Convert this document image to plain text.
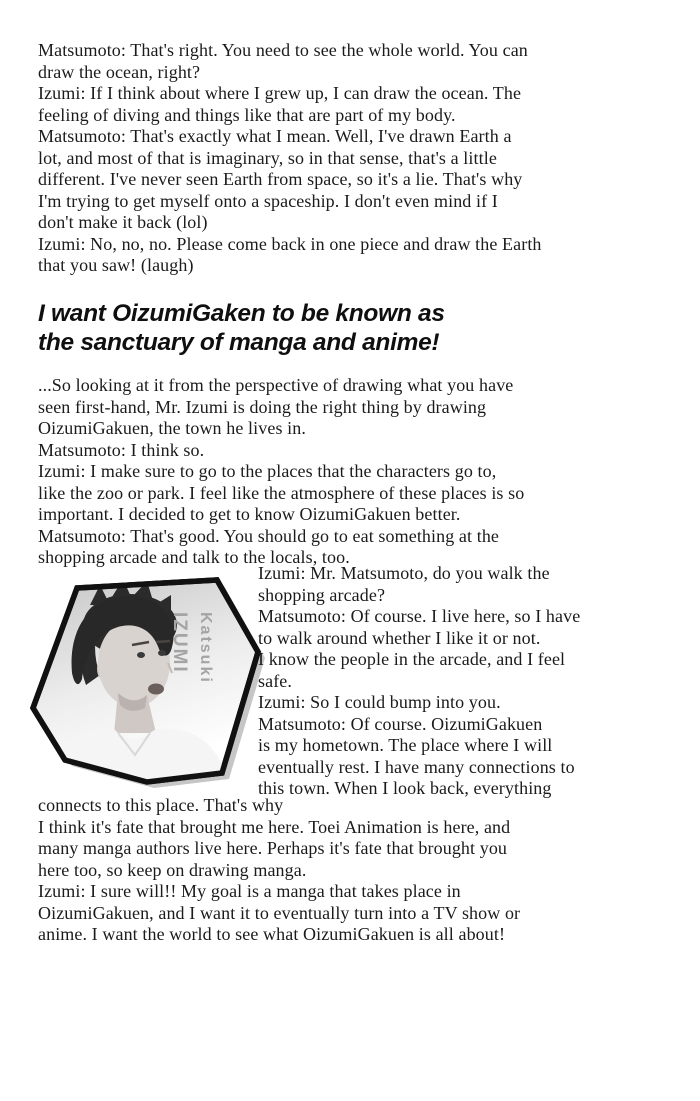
Matsumoto: That's right. You need to see the whole world. You can
draw the ocean, right?
Izumi: If I think about where I grew up, I can draw the ocean. The
feeling of diving and things like that are part of my body.
Matsumoto: That's exactly what I mean. Well, I've drawn Earth a
lot, and most of that is imaginary, so in that sense, that's a little
different. I've never seen Earth from space, so it's a lie. That's why
I'm trying to get myself onto a spaceship. I don't even mind if I
don't make it back (lol)
Izumi: No, no, no. Please come back in one piece and draw the Earth
that you saw! (laugh)
I want OizumiGaken to be known as
the sanctuary of manga and anime!
...So looking at it from the perspective of drawing what you have
seen first-hand, Mr. Izumi is doing the right thing by drawing
OizumiGakuen, the town he lives in.
Matsumoto: I think so.
Izumi: I make sure to go to the places that the characters go to,
like the zoo or park. I feel like the atmosphere of these places is so
important. I decided to get to know OizumiGakuen better.
Matsumoto: That's good. You should go to eat something at the
shopping arcade and talk to the locals, too.
Katsuki
IZUMI
Izumi: Mr. Matsumoto, do you walk the
shopping arcade?
Matsumoto: Of course. I live here, so I have
to walk around whether I like it or not.
I know the people in the arcade, and I feel
safe.
Izumi: So I could bump into you.
Matsumoto: Of course. OizumiGakuen
is my hometown. The place where I will
eventually rest. I have many connections to
this town. When I look back, everything
connects to this place. That's why
I think it's fate that brought me here. Toei Animation is here, and
many manga authors live here. Perhaps it's fate that brought you
here too, so keep on drawing manga.
Izumi: I sure will!! My goal is a manga that takes place in
OizumiGakuen, and I want it to eventually turn into a TV show or
anime. I want the world to see what OizumiGakuen is all about!
